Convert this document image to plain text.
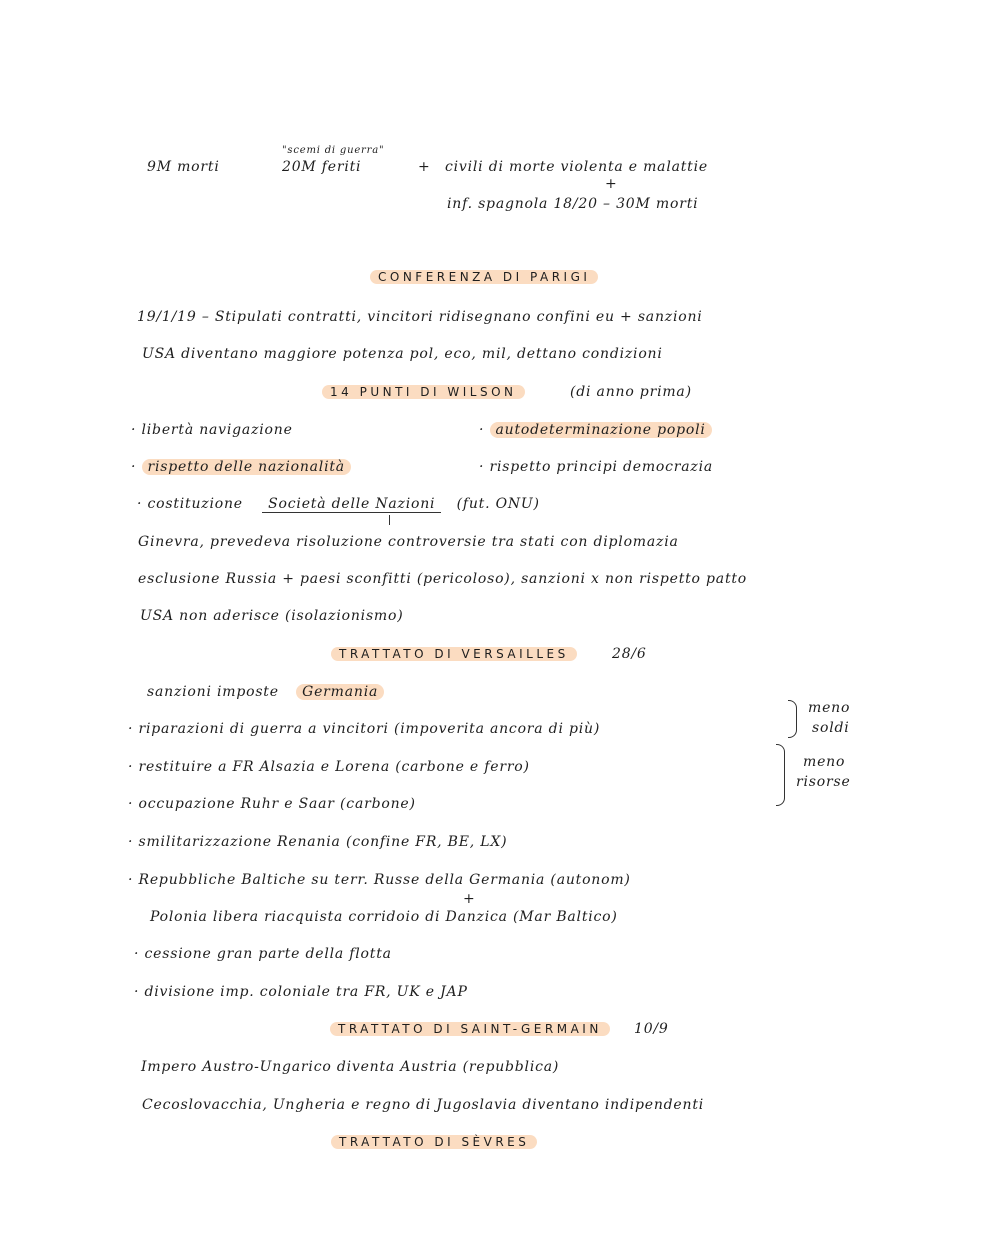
9M morti
"scemi di guerra"
20M feriti	+ civili di morte violenta e malattie
+
inf. spagnola 18/20 – 30M morti
CONFERENZA DI PARIGI
19/1/19 – Stipulati contratti, vincitori ridisegnano confini eu + sanzioni
USA diventano maggiore potenza pol, eco, mil, dettano condizioni
14 PUNTI DI WILSON	(di anno prima)
· libertà navigazione	· autodeterminazione popoli
· rispetto delle nazionalità	· rispetto principi democrazia
· costituzione Società delle Nazioni (fut. ONU)
Ginevra, prevedeva risoluzione controversie tra stati con diplomazia
esclusione Russia + paesi sconfitti (pericoloso), sanzioni x non rispetto patto
USA non aderisce (isolazionismo)
TRATTATO DI VERSAILLES	28/6
sanzioni imposte Germania
· riparazioni di guerra a vincitori (impoverita ancora di più)
· restituire a FR Alsazia e Lorena (carbone e ferro)
· occupazione Ruhr e Saar (carbone)
· smilitarizzazione Renania (confine FR, BE, LX)
· Repubbliche Baltiche su terr. Russe della Germania (autonom)
+
Polonia libera riacquista corridoio di Danzica (Mar Baltico)
· cessione gran parte della flotta
· divisione imp. coloniale tra FR, UK e JAP
meno
soldi
meno
risorse
TRATTATO DI SAINT-GERMAIN	10/9
Impero Austro-Ungarico diventa Austria (repubblica)
Cecoslovacchia, Ungheria e regno di Jugoslavia diventano indipendenti
TRATTATO DI SÈVRES
